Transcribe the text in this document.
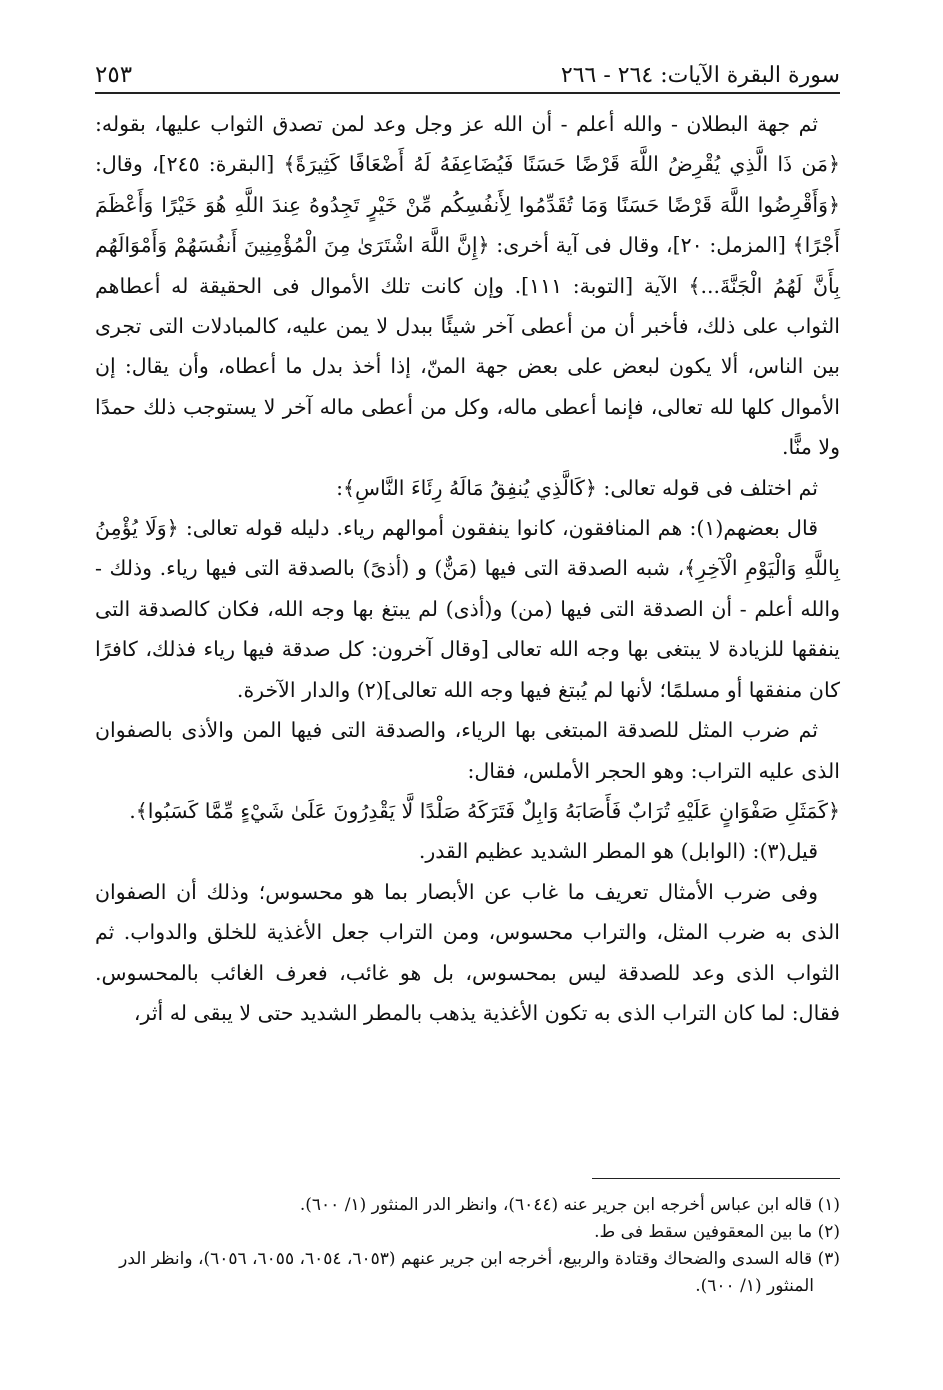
سورة البقرة الآيات: ٢٦٤ - ٢٦٦
٢٥٣

ثم جهة البطلان - والله أعلم - أن الله عز وجل وعد لمن تصدق الثواب عليها، بقوله: ﴿مَن ذَا الَّذِي يُقْرِضُ اللَّهَ قَرْضًا حَسَنًا فَيُضَاعِفَهُ لَهُ أَضْعَافًا كَثِيرَةً﴾ [البقرة: ٢٤٥]، وقال: ﴿وَأَقْرِضُوا اللَّهَ قَرْضًا حَسَنًا وَمَا تُقَدِّمُوا لِأَنفُسِكُم مِّنْ خَيْرٍ تَجِدُوهُ عِندَ اللَّهِ هُوَ خَيْرًا وَأَعْظَمَ أَجْرًا﴾ [المزمل: ٢٠]، وقال فى آية أخرى: ﴿إِنَّ اللَّهَ اشْتَرَىٰ مِنَ الْمُؤْمِنِينَ أَنفُسَهُمْ وَأَمْوَالَهُم بِأَنَّ لَهُمُ الْجَنَّةَ...﴾ الآية [التوبة: ١١١]. وإن كانت تلك الأموال فى الحقيقة له أعطاهم الثواب على ذلك، فأخبر أن من أعطى آخر شيئًا ببدل لا يمن عليه، كالمبادلات التى تجرى بين الناس، ألا يكون لبعض على بعض جهة المنّ، إذا أخذ بدل ما أعطاه، وأن يقال: إن الأموال كلها لله تعالى، فإنما أعطى ماله، وكل من أعطى ماله آخر لا يستوجب ذلك حمدًا ولا منًّا.

ثم اختلف فى قوله تعالى: ﴿كَالَّذِي يُنفِقُ مَالَهُ رِئَاءَ النَّاسِ﴾:

قال بعضهم(١): هم المنافقون، كانوا ينفقون أموالهم رياء. دليله قوله تعالى: ﴿وَلَا يُؤْمِنُ بِاللَّهِ وَالْيَوْمِ الْآخِرِ﴾، شبه الصدقة التى فيها (مَنٌّ) و (أذىً) بالصدقة التى فيها رياء. وذلك - والله أعلم - أن الصدقة التى فيها (من) و(أذى) لم يبتغ بها وجه الله، فكان كالصدقة التى ينفقها للزيادة لا يبتغى بها وجه الله تعالى [وقال آخرون: كل صدقة فيها رياء فذلك، كافرًا كان منفقها أو مسلمًا؛ لأنها لم يُبتغ فيها وجه الله تعالى](٢) والدار الآخرة.

ثم ضرب المثل للصدقة المبتغى بها الرياء، والصدقة التى فيها المن والأذى بالصفوان الذى عليه التراب: وهو الحجر الأملس، فقال:

﴿كَمَثَلِ صَفْوَانٍ عَلَيْهِ تُرَابٌ فَأَصَابَهُ وَابِلٌ فَتَرَكَهُ صَلْدًا لَّا يَقْدِرُونَ عَلَىٰ شَيْءٍ مِّمَّا كَسَبُوا﴾.

قيل(٣): (الوابل) هو المطر الشديد عظيم القدر.

وفى ضرب الأمثال تعريف ما غاب عن الأبصار بما هو محسوس؛ وذلك أن الصفوان الذى به ضرب المثل، والتراب محسوس، ومن التراب جعل الأغذية للخلق والدواب. ثم الثواب الذى وعد للصدقة ليس بمحسوس، بل هو غائب، فعرف الغائب بالمحسوس. فقال: لما كان التراب الذى به تكون الأغذية يذهب بالمطر الشديد حتى لا يبقى له أثر،

(١) قاله ابن عباس أخرجه ابن جرير عنه (٦٠٤٤)، وانظر الدر المنثور (١/ ٦٠٠).

(٢) ما بين المعقوفين سقط فى ط.

(٣) قاله السدى والضحاك وقتادة والربيع، أخرجه ابن جرير عنهم (٦٠٥٣، ٦٠٥٤، ٦٠٥٥، ٦٠٥٦)، وانظر الدر المنثور (١/ ٦٠٠).
